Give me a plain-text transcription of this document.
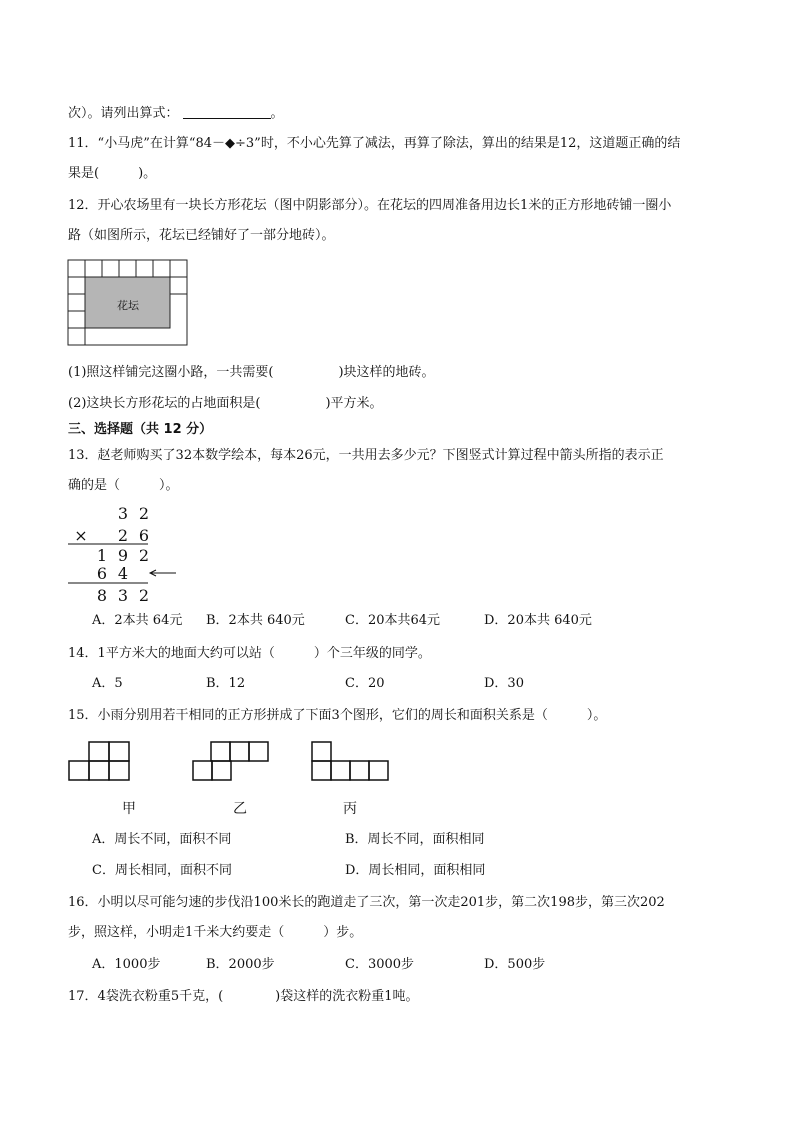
次）。请列出算式：	。
11．“小马虎”在计算“84－◆÷3”时，不小心先算了减法，再算了除法，算出的结果是12，这道题正确的结
果是(　　　)。
12．开心农场里有一块长方形花坛（图中阴影部分）。在花坛的四周准备用边长1米的正方形地砖铺一圈小
路（如图所示，花坛已经铺好了一部分地砖）。
花坛
(1)照这样铺完这圈小路，一共需要(　　　　　)块这样的地砖。
(2)这块长方形花坛的占地面积是(　　　　　)平方米。
三、选择题（共 12 分）
13．赵老师购买了32本数学绘本，每本26元，一共用去多少元？下图竖式计算过程中箭头所指的表示正
确的是（　　　）。
3 2
×	2 6
1 9 2
6 4
8 3 2
A．2本共 64元 B．2本共 640元	C．20本共64元	D．20本共 640元
14．1平方米大的地面大约可以站（　　　）个三年级的同学。
A．5	B．12	C．20	D．30
15．小雨分别用若干相同的正方形拼成了下面3个图形，它们的周长和面积关系是（　　　）。
甲	乙	丙
A．周长不同，面积不同	B．周长不同，面积相同
C．周长相同，面积不同	D．周长相同，面积相同
16．小明以尽可能匀速的步伐沿100米长的跑道走了三次，第一次走201步，第二次198步，第三次202
步，照这样，小明走1千米大约要走（　　　）步。
A．1000步	B．2000步	C．3000步	D．500步
17．4袋洗衣粉重5千克，(　　　　)袋这样的洗衣粉重1吨。
